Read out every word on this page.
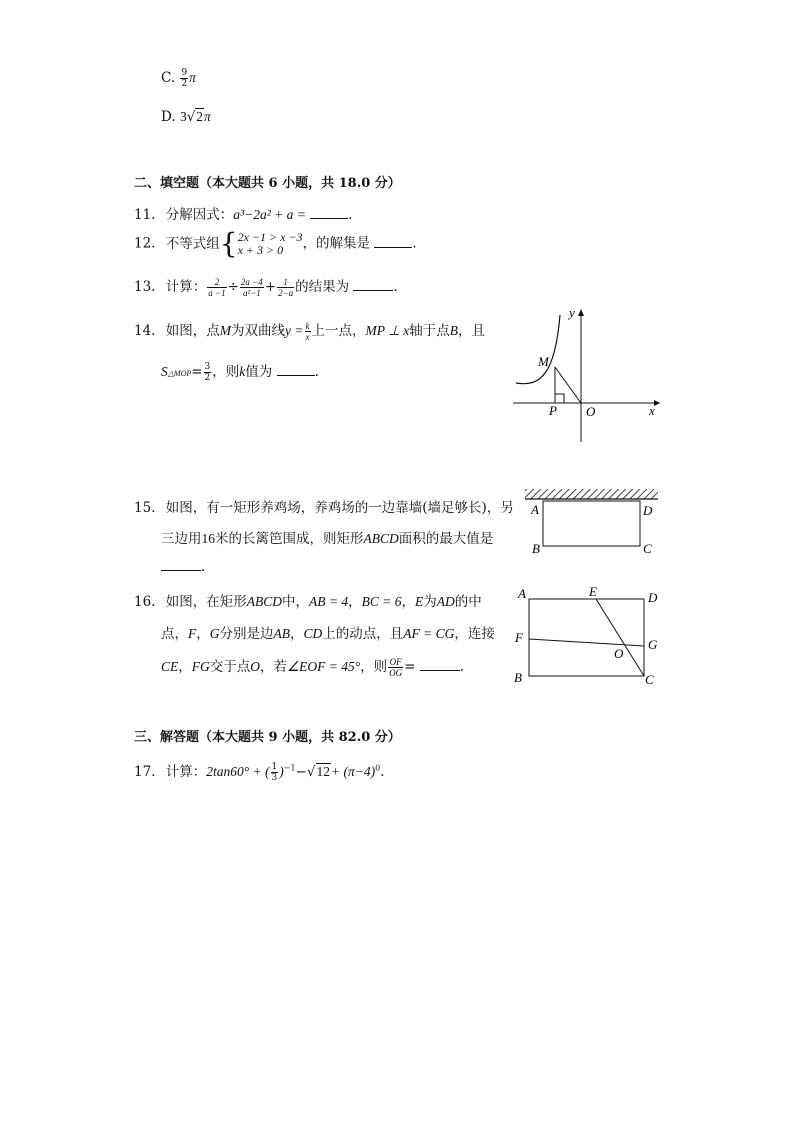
C. $\frac{9}{2}$ π
D. 3√2π
二、填空题（本大题共 6 小题，共 18.0 分）
11. 分解因式：a³−2a² + a =	.
12. 不等式组{ 2x −1 > x −3
x + 3 > 0	，的解集是	.
13. 计算： $\frac{2}{a -1} \div \frac{2a -4}{\text{a²−1}} + \frac{1}{2-a}$ 的结果为	.
14. 如图，点M为双曲线$y = \frac{k}{x}$ 上一点，MP ⊥ x轴于点B，且
S△MOP= $\frac{3}{2}$ ，则k值为	.
y
x
M
P O
15. 如图，有一矩形养鸡场，养鸡场的一边靠墙(墙足够长)，另
三边用16米的长篱笆围成，则矩形ABCD面积的最大值是
.
A	D
B	C
16. 如图，在矩形ABCD中，AB = 4，BC = 6，E为AD的中
点，F，G分别是边AB，CD上的动点，且AF = CG，连接
CE，FG交于点O，若∠EOF = 45°，则 $\frac{OF}{OG}$ =	.
A	E	D
F	G
O
B	C
三、解答题（本大题共 9 小题，共 82.0 分）
17. 计算：2tan60° + ( $\frac{1}{3} )^{-1}-√12+ (\pi-4)^0$.
